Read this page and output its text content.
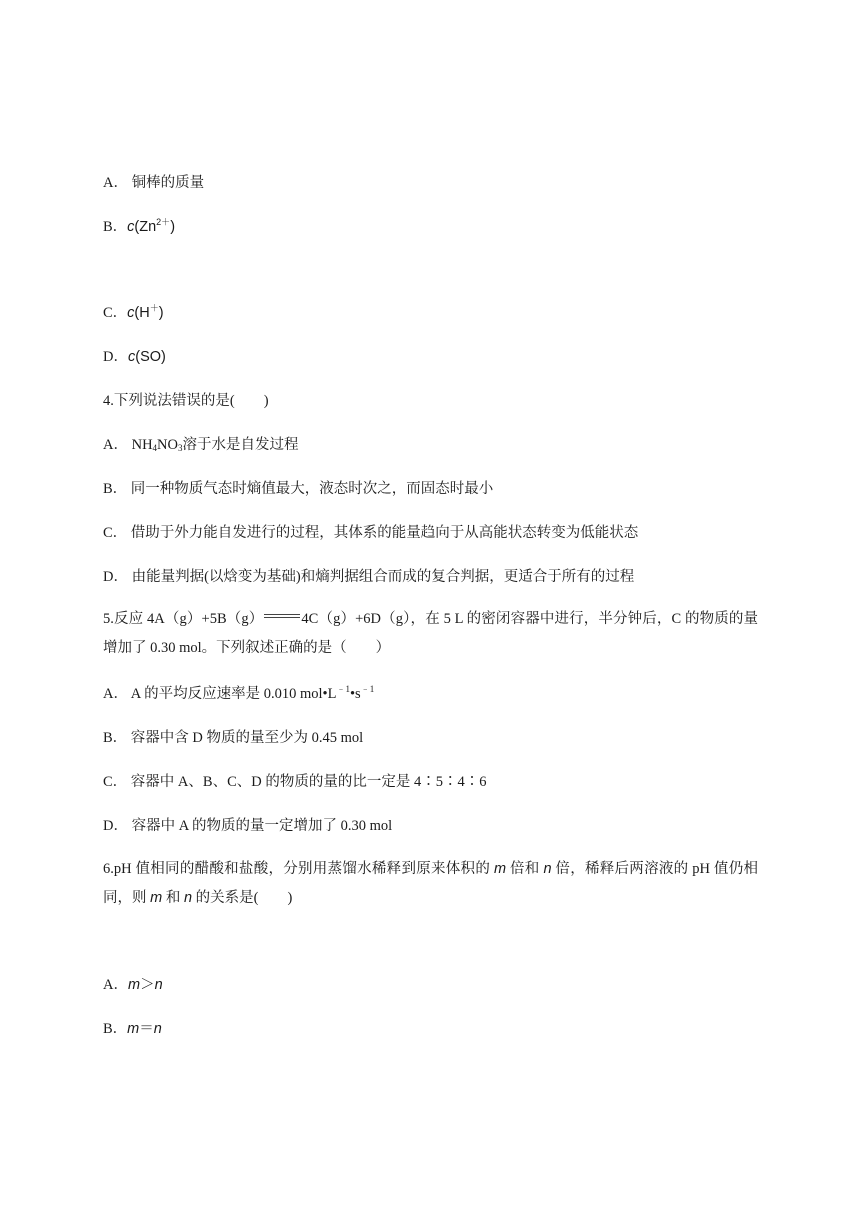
A． 铜棒的质量
B．$c(Zn^{2+})$
C．c(H＋)
D．c(SO)
4.下列说法错误的是(　　)
A． $NH_4NO_3$溶于水是自发过程
B． 同一种物质气态时熵值最大，液态时次之，而固态时最小
C． 借助于外力能自发进行的过程，其体系的能量趋向于从高能状态转变为低能状态
D． 由能量判据(以焓变为基础)和熵判据组合而成的复合判据，更适合于所有的过程
5.反应 4A（g）+5B（g）	4C（g）+6D（g），在 5 L 的密闭容器中进行，半分钟后，C 的物质的量增加了 0.30 mol。下列叙述正确的是（　　）
A． A 的平均反应速率是 0.010 $mol•L^{﹣1}•s^{﹣1}$
B． 容器中含 D 物质的量至少为 0.45 mol
C． 容器中 A、B、C、D 的物质的量的比一定是 4∶5∶4∶6
D． 容器中 A 的物质的量一定增加了 0.30 mol
6.pH 值相同的醋酸和盐酸，分别用蒸馏水稀释到原来体积的 m 倍和 n 倍，稀释后两溶液的 pH 值仍相同，则 m 和 n 的关系是(　　)
A．m＞n
B．m＝n
